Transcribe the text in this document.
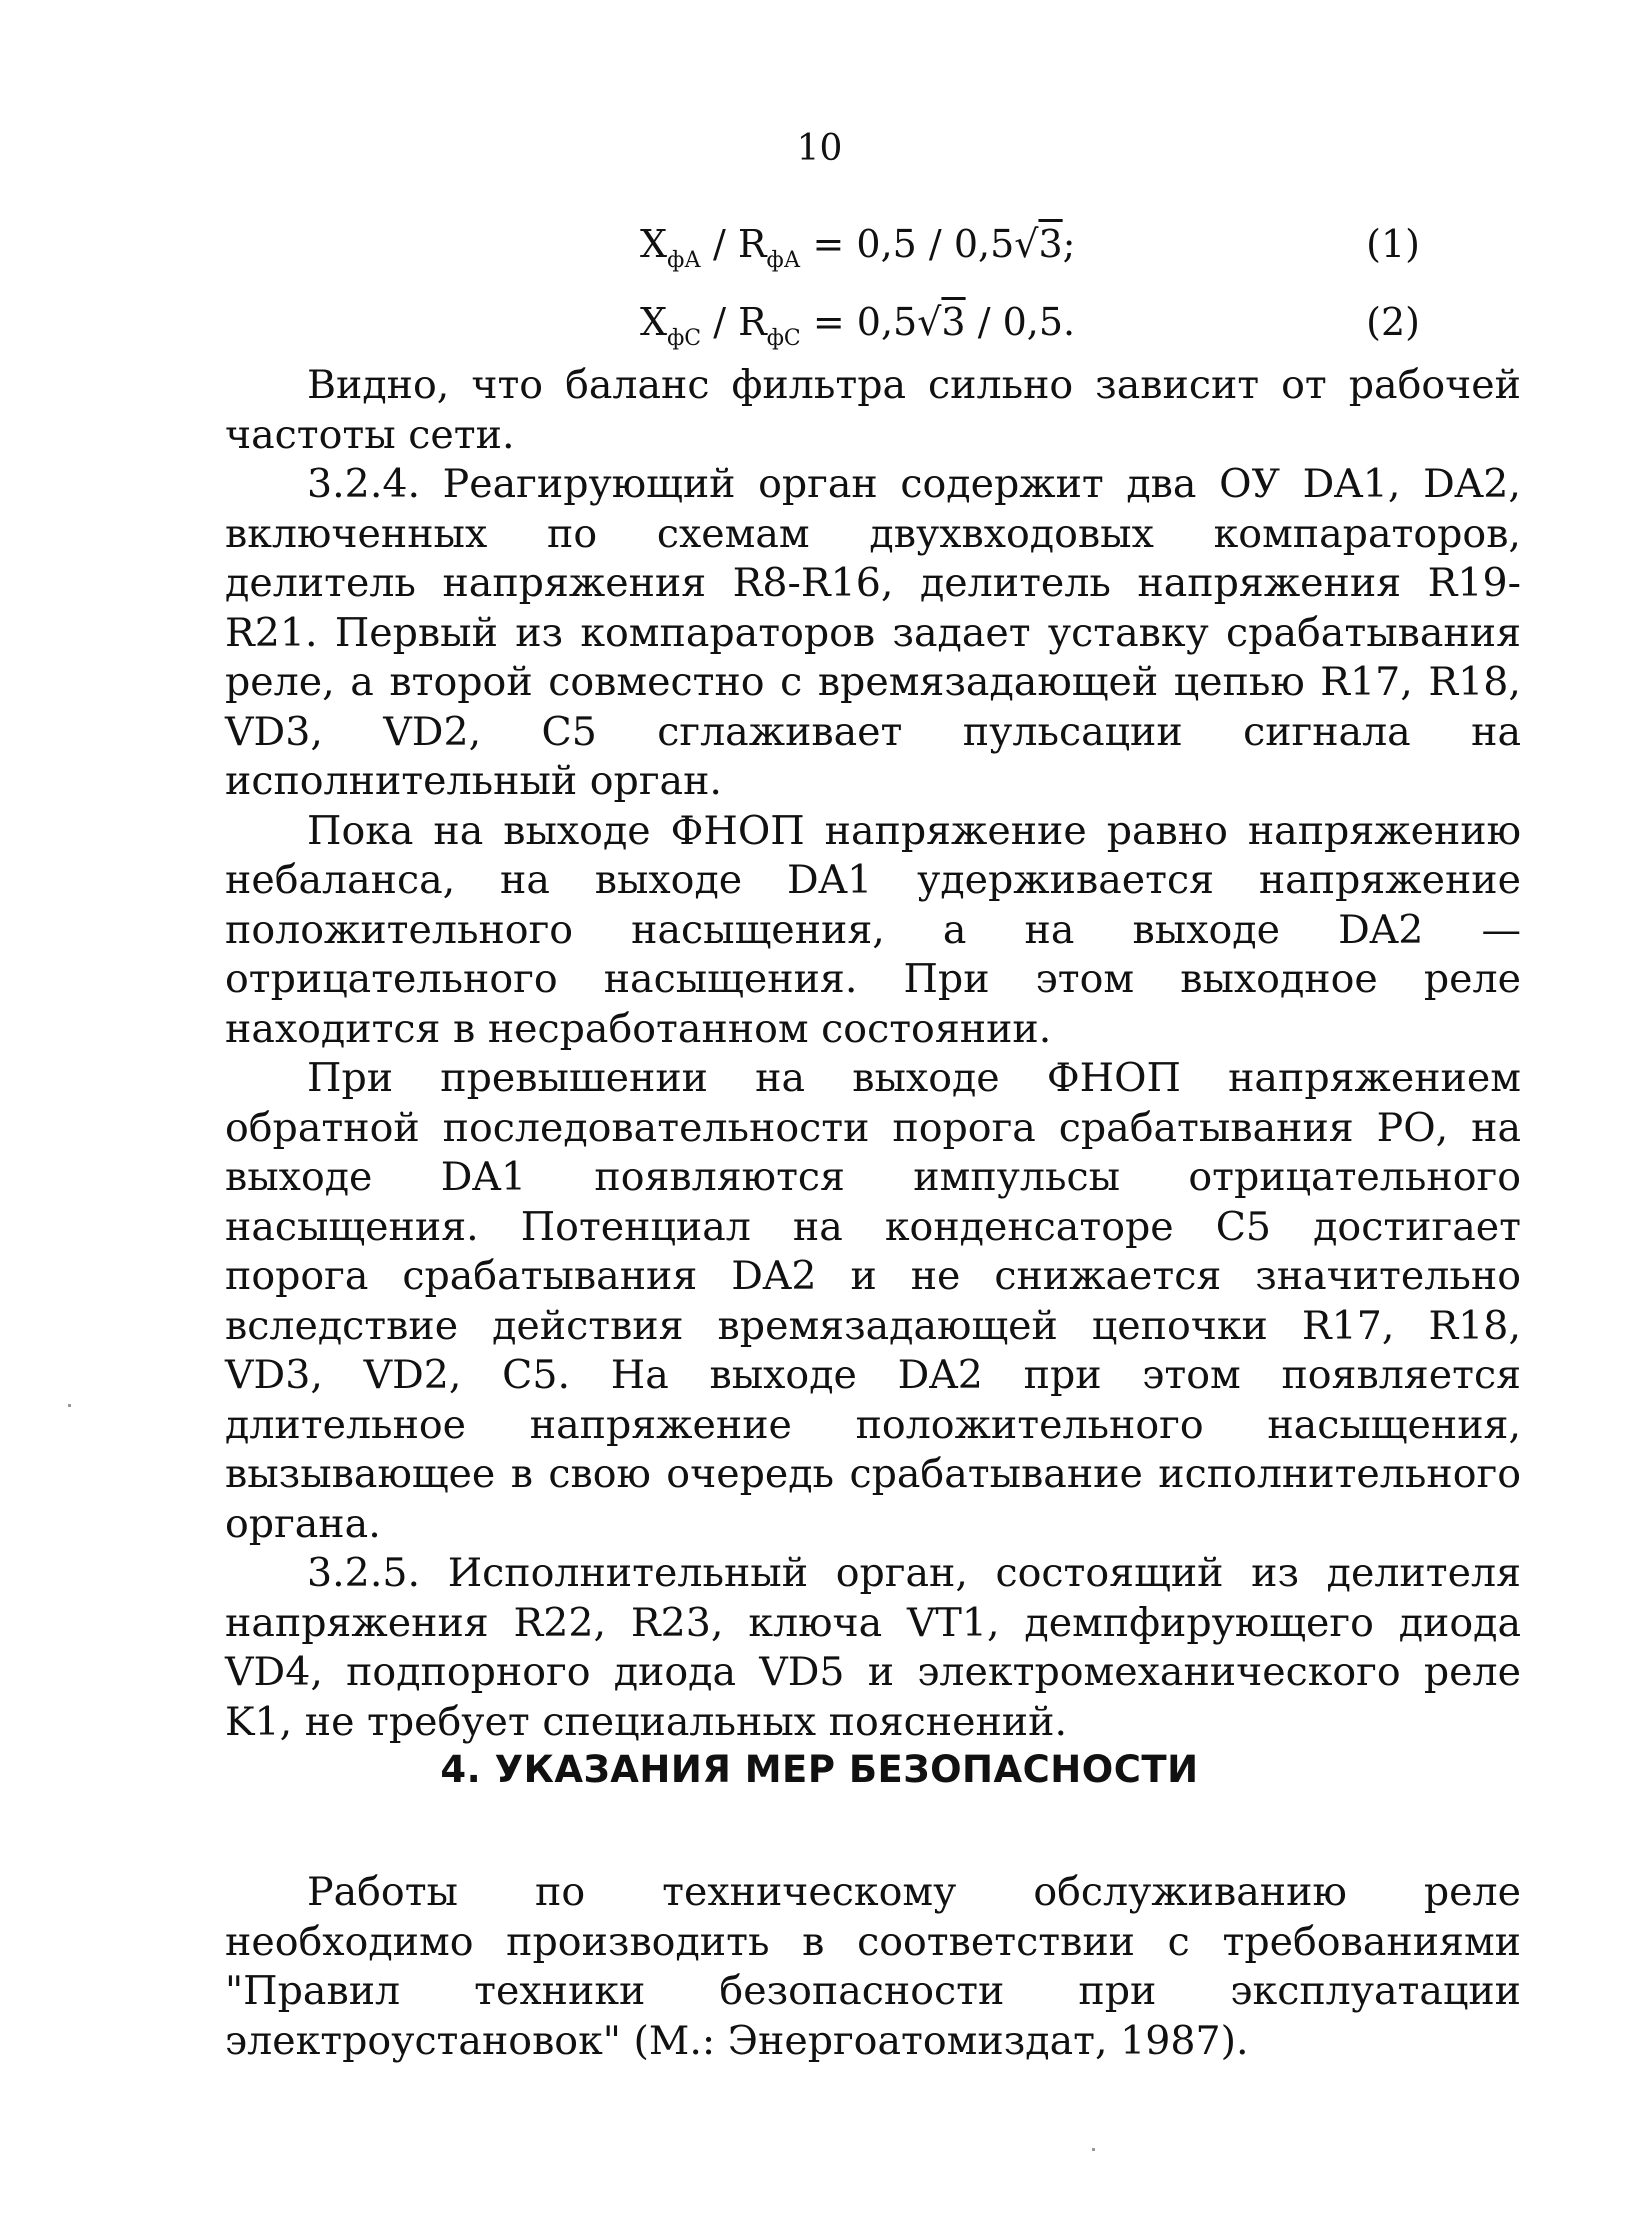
10
$X_{фА} / R_{фА} = 0,5 / 0,5√3$;	(1)
$X_{фС} / R_{фС} = 0,5√3 / 0,5$.	(2)

Видно, что баланс фильтра сильно зависит от рабочей частоты сети.

3.2.4. Реагирующий орган содержит два ОУ DA1, DA2, включенных по схемам двухвходовых компараторов, делитель напряжения R8-R16, делитель напряжения R19-R21. Первый из компараторов задает уставку срабатывания реле, а второй совместно с времязадающей цепью R17, R18, VD3, VD2, C5 сглаживает пульсации сигнала на исполнительный орган.

Пока на выходе ФНОП напряжение равно напряжению небаланса, на выходе DA1 удерживается напряжение положительного насыщения, а на выходе DA2 — отрицательного насыщения. При этом выходное реле находится в несработанном состоянии.

При превышении на выходе ФНОП напряжением обратной последовательности порога срабатывания РО, на выходе DA1 появляются импульсы отрицательного насыщения. Потенциал на конденсаторе C5 достигает порога срабатывания DA2 и не снижается значительно вследствие действия времязадающей цепочки R17, R18, VD3, VD2, C5. На выходе DA2 при этом появляется длительное напряжение положительного насыщения, вызывающее в свою очередь срабатывание исполнительного органа.

3.2.5. Исполнительный орган, состоящий из делителя напряжения R22, R23, ключа VT1, демпфирующего диода VD4, подпорного диода VD5 и электромеханического реле K1, не требует специальных пояснений.

4. УКАЗАНИЯ МЕР БЕЗОПАСНОСТИ

Работы по техническому обслуживанию реле необходимо производить в соответствии с требованиями "Правил техники безопасности при эксплуатации электроустановок" (М.: Энергоатомиздат, 1987).
